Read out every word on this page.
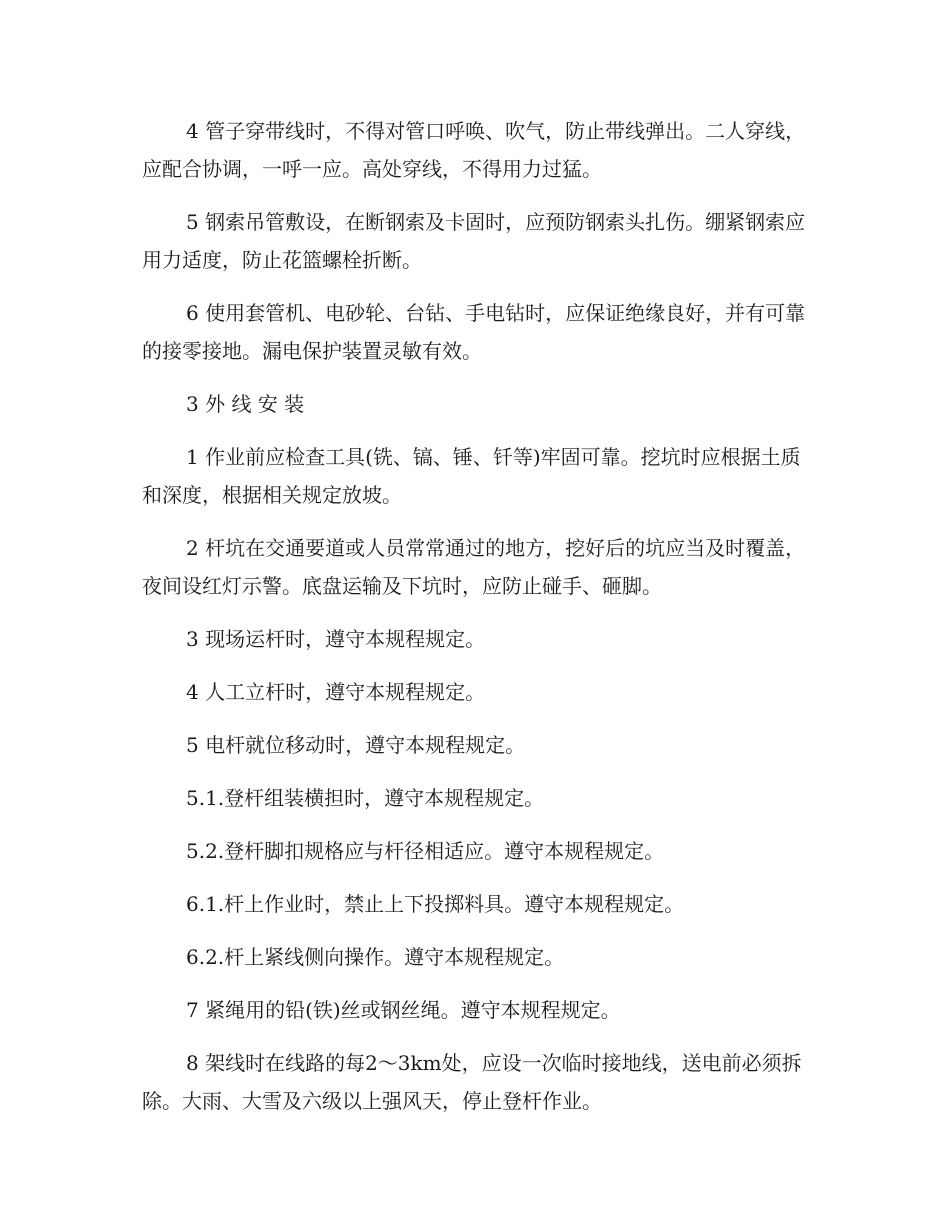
4 管子穿带线时，不得对管口呼唤、吹气，防止带线弹出。二人穿线，应配合协调，一呼一应。高处穿线，不得用力过猛。

5 钢索吊管敷设，在断钢索及卡固时，应预防钢索头扎伤。绷紧钢索应用力适度，防止花篮螺栓折断。

6 使用套管机、电砂轮、台钻、手电钻时，应保证绝缘良好，并有可靠的接零接地。漏电保护装置灵敏有效。

3 外 线 安 装

1 作业前应检查工具(铣、镐、锤、钎等)牢固可靠。挖坑时应根据土质和深度，根据相关规定放坡。

2 杆坑在交通要道或人员常常通过的地方，挖好后的坑应当及时覆盖，夜间设红灯示警。底盘运输及下坑时，应防止碰手、砸脚。

3 现场运杆时，遵守本规程规定。

4 人工立杆时，遵守本规程规定。

5 电杆就位移动时，遵守本规程规定。

5.1.登杆组装横担时，遵守本规程规定。

5.2.登杆脚扣规格应与杆径相适应。遵守本规程规定。

6.1.杆上作业时，禁止上下投掷料具。遵守本规程规定。

6.2.杆上紧线侧向操作。遵守本规程规定。

7 紧绳用的铅(铁)丝或钢丝绳。遵守本规程规定。

8 架线时在线路的每2～3km处，应设一次临时接地线，送电前必须拆除。大雨、大雪及六级以上强风天，停止登杆作业。
